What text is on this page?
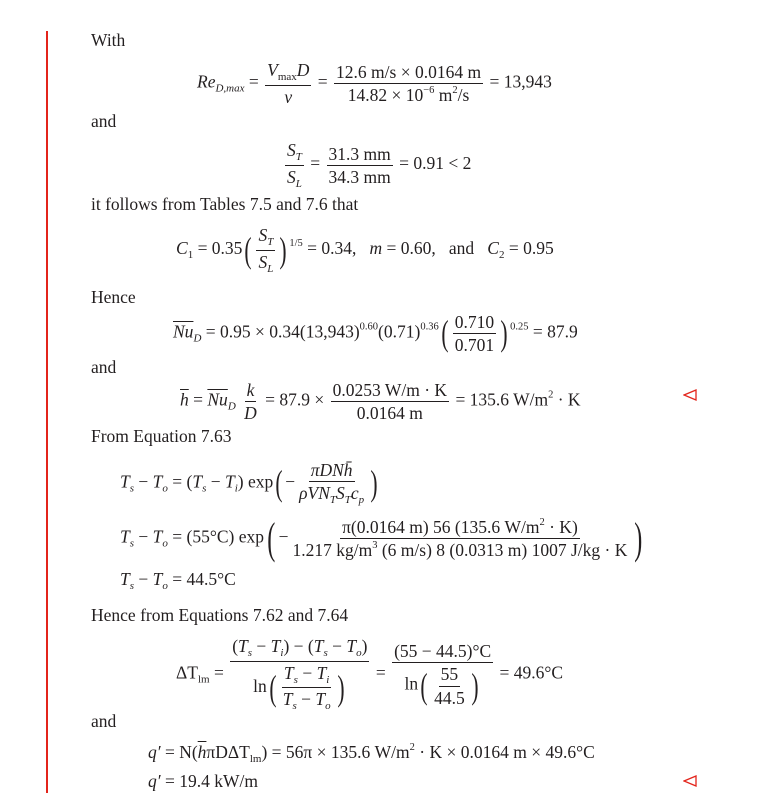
With
$Re_{D,max} = \frac{V_{max}D}{\nu} = \frac{12.6 m/s \times 0.0164 m}{14.82 \times 10^{-6} m^2/s} = 13,943$
and
$\frac{S_T}{S_L} = \frac{31.3 mm}{34.3 mm} = 0.91 < 2$
it follows from Tables 7.5 and 7.6 that
$C_1 = 0.35( \frac{S_T}{S_L}$ ) $^{1/5}$ = 0.34, m = 0.60, and $C_2 = 0.95$
Hence
$\overline{Nu}_D = 0.95 \times 0.34(13,943)^{0.60}(0.71)^{0.36}( \frac{0.710}{0.701}$ ) $^{0.25}$ = 87.9
and
$\overline{h} = \overline{Nu}_D \frac{k}{D} = 87.9 \times \frac{0.0253 W/m \cdot K}{0.0164 m} = 135.6$ $W/m^2 \cdot K$
From Equation 7.63
$T_s - T_o = (T_s - T_i) \exp( - \frac{\text{πDNh̄}}{\rho VN_TS_Tc_p}$ )
$T_s - T_o = (55^\circ C) \exp( - \frac{\pi(0.0164 m) 56 (135.6 W/m^2 \cdot K)}{1.217 kg/m^3 (6 m/s) 8 (0.0313 m) 1007 J/kg \cdot K}$ )
$T_s - T_o = 44.5^\circ C$
Hence from Equations 7.62 and 7.64
$\Delta T_{lm} = \frac{(T_s - T_i) - (T_s - T_o)}{\ln( \frac{T_s - T_i}{T_s - T_o} )} = \frac{(55 - 44.5)^\circ C}{\ln( \frac{55}{44.5} )} = 49.6^\circ C$
and
$q' = N(\overline{h}\pi D\Delta T_{lm}) = 56\pi \times 135.6$ $W/m^2 \cdot K \times 0.0164$ m × 49.6°C
q′ = 19.4 kW/m
